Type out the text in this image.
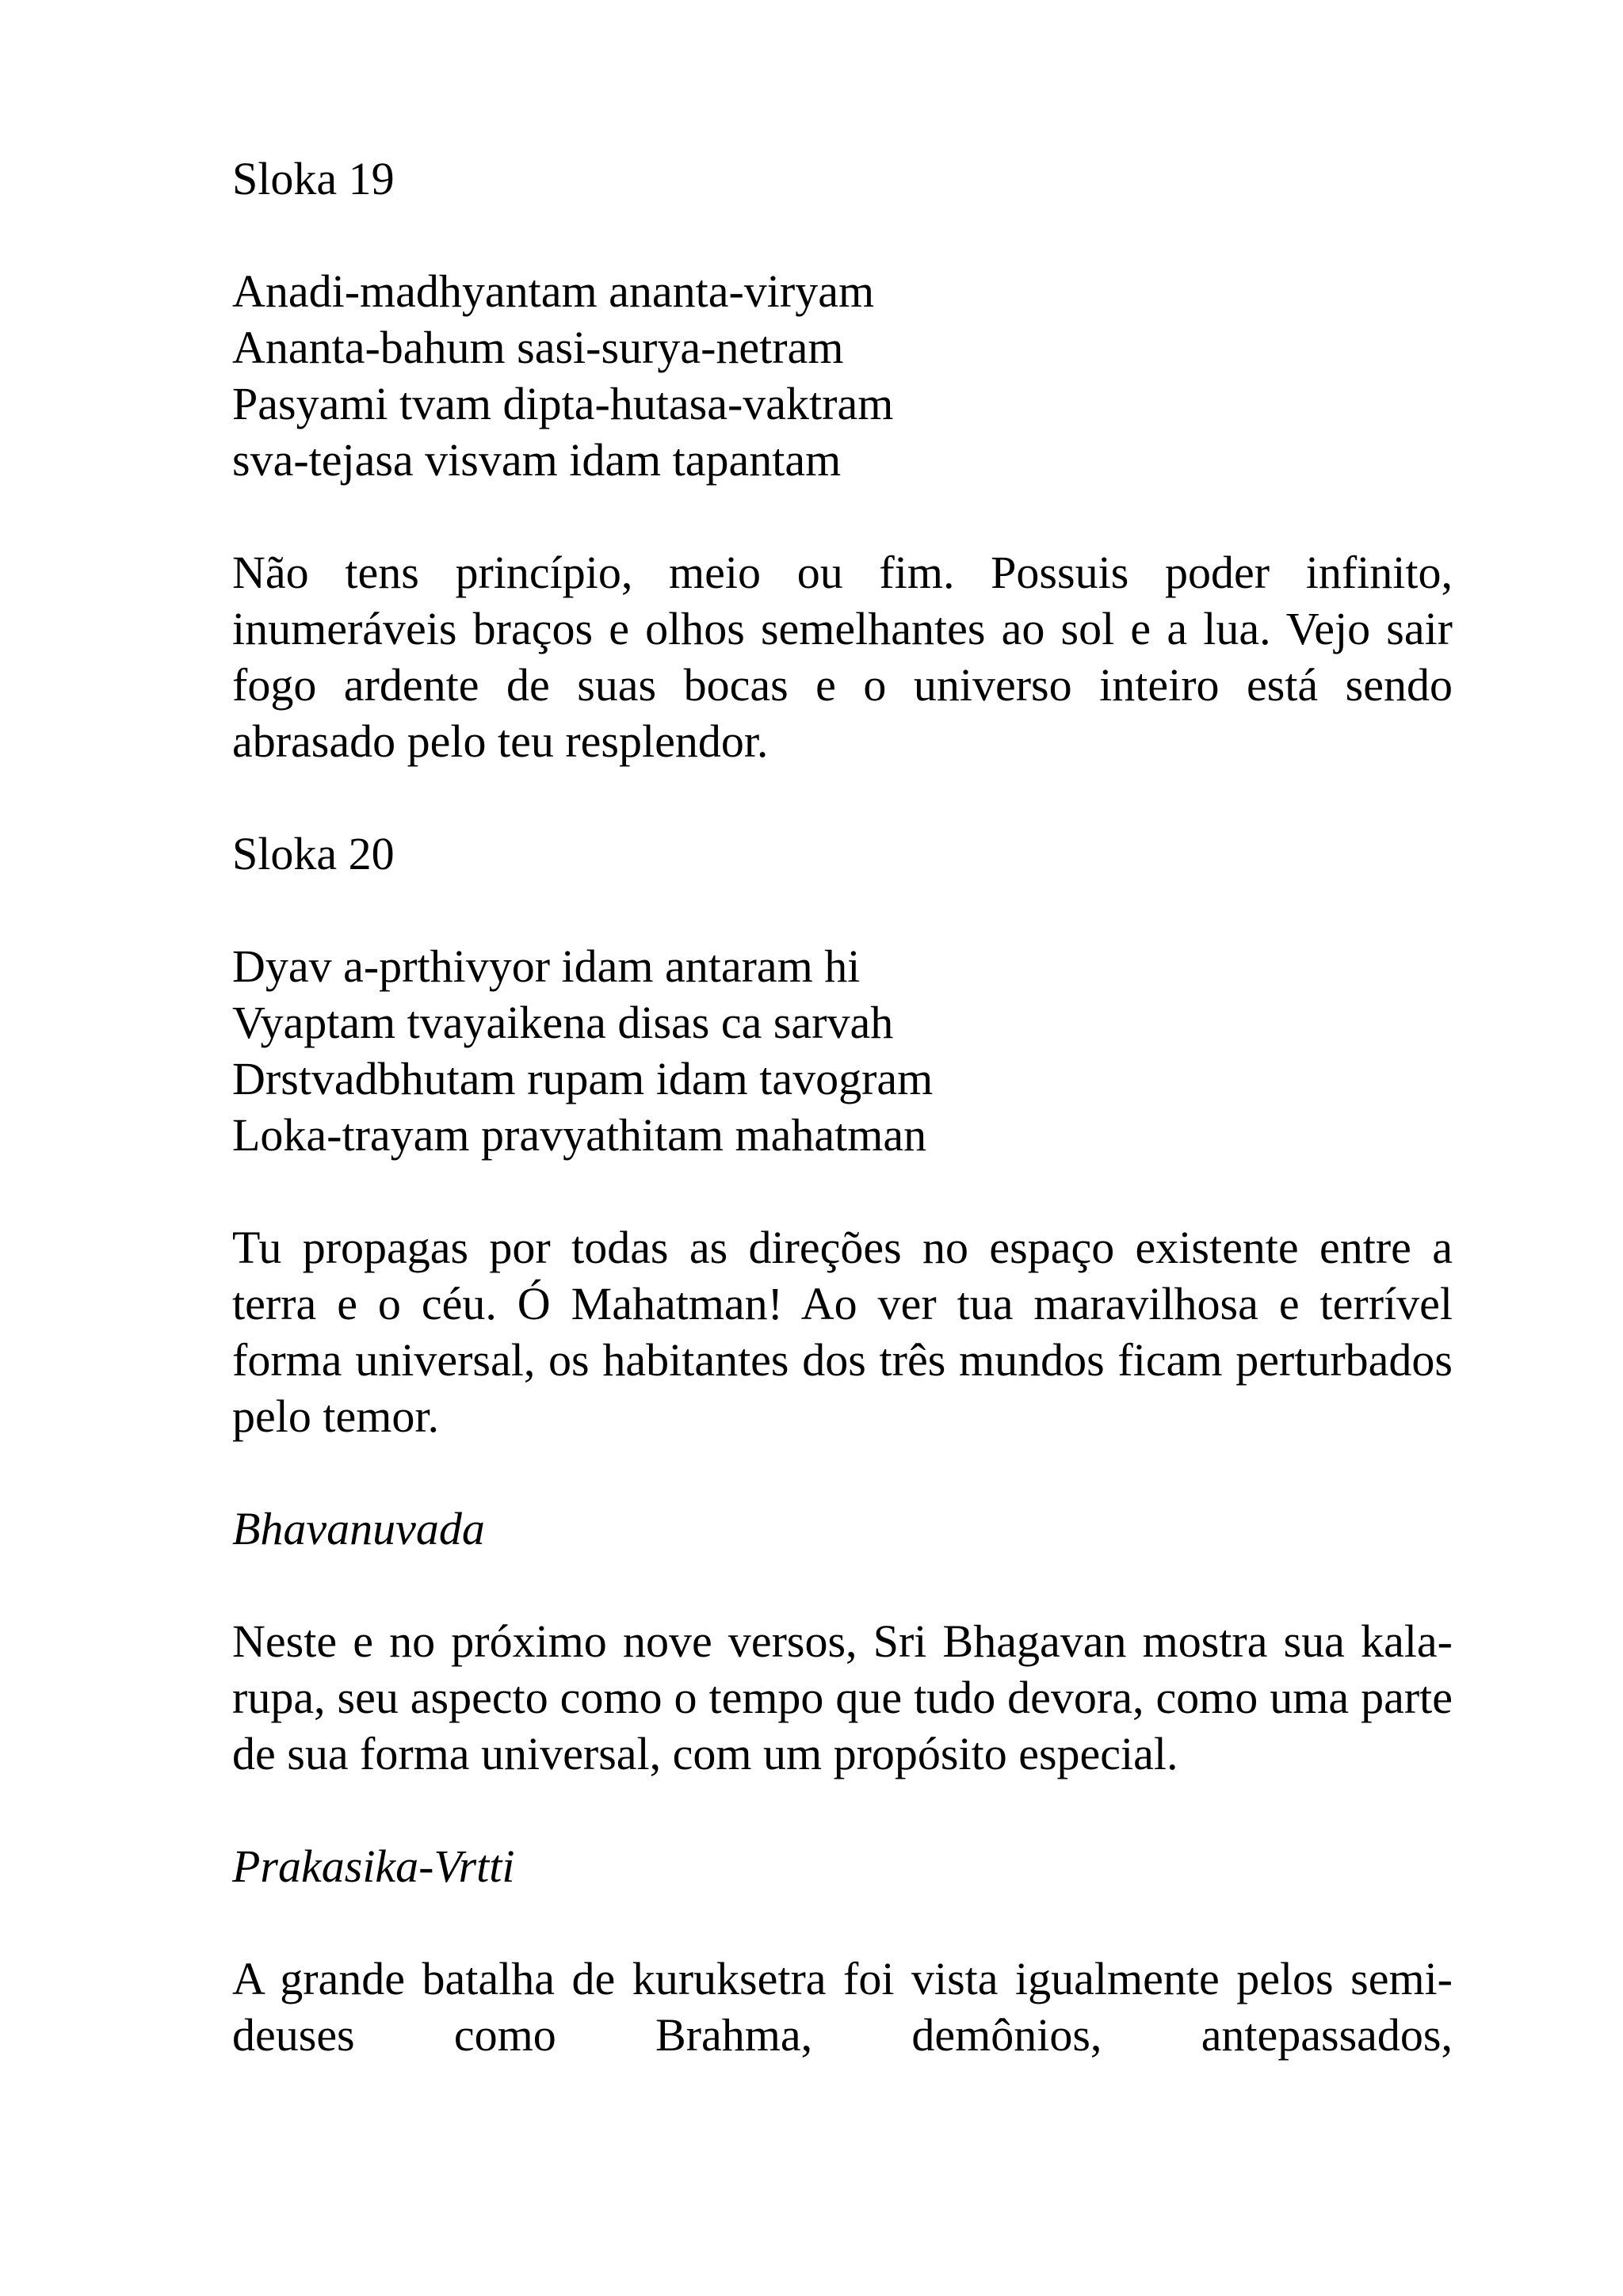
Sloka 19
Anadi-madhyantam ananta-viryam
Ananta-bahum sasi-surya-netram
Pasyami tvam dipta-hutasa-vaktram
sva-tejasa visvam idam tapantam

Não tens princípio, meio ou fim. Possuis poder infinito, inumeráveis braços e olhos semelhantes ao sol e a lua. Vejo sair fogo ardente de suas bocas e o universo inteiro está sendo abrasado pelo teu resplendor.

Sloka 20
Dyav a-prthivyor idam antaram hi
Vyaptam tvayaikena disas ca sarvah
Drstvadbhutam rupam idam tavogram
Loka-trayam pravyathitam mahatman

Tu propagas por todas as direções no espaço existente entre a terra e o céu. Ó Mahatman! Ao ver tua maravilhosa e terrível forma universal, os habitantes dos três mundos ficam perturbados pelo temor.

Bhavanuvada

Neste e no próximo nove versos, Sri Bhagavan mostra sua kala-rupa, seu aspecto como o tempo que tudo devora, como uma parte de sua forma universal, com um propósito especial.

Prakasika-Vrtti

A grande batalha de kuruksetra foi vista igualmente pelos semi-deuses como Brahma, demônios, antepassados,
